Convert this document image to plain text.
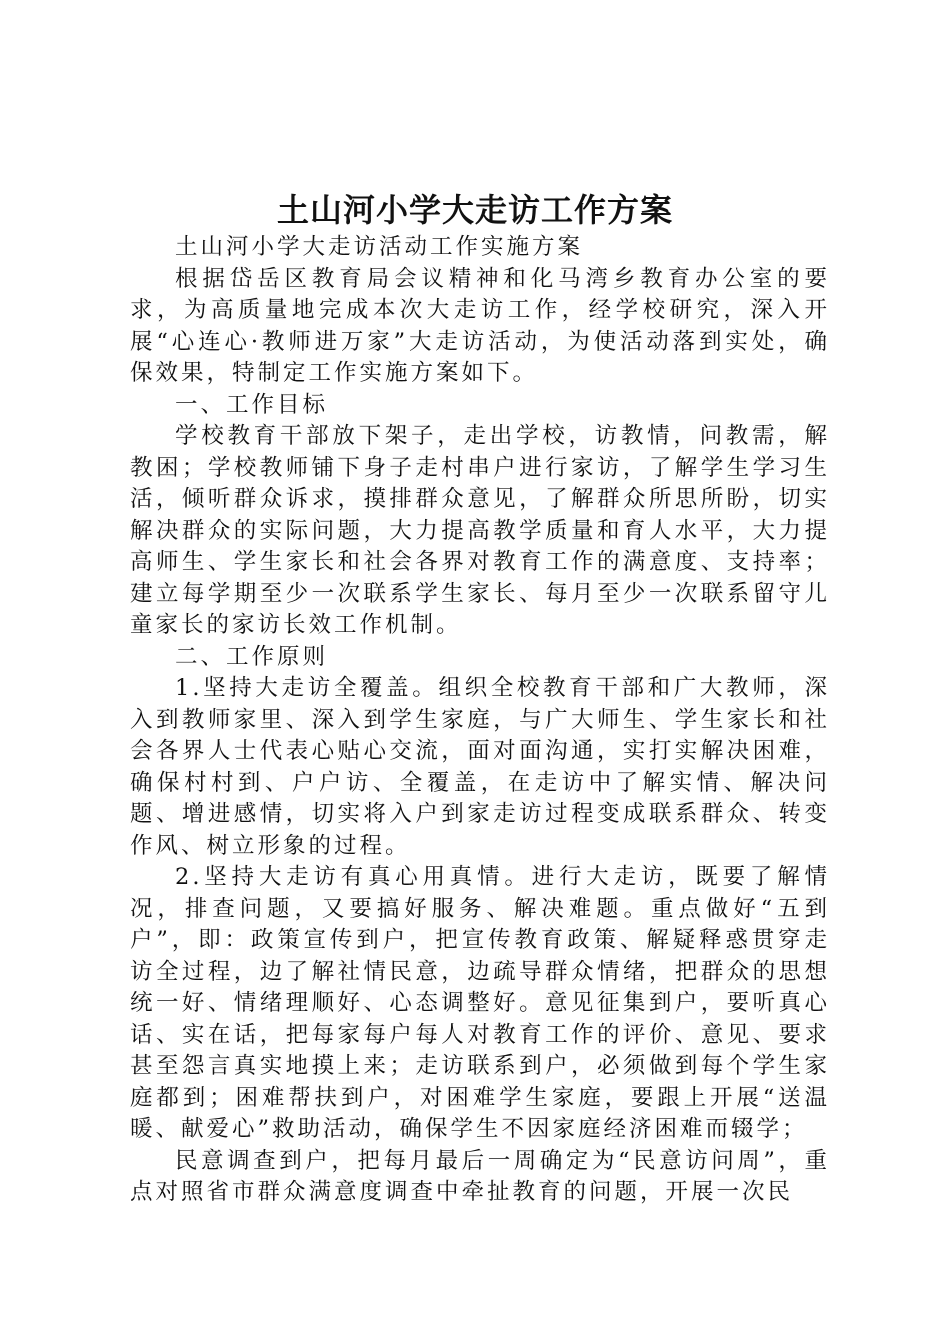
土山河小学大走访工作方案

土山河小学大走访活动工作实施方案

根据岱岳区教育局会议精神和化马湾乡教育办公室的要求，为高质量地完成本次大走访工作，经学校研究，深入开展“心连心·教师进万家”大走访活动，为使活动落到实处，确保效果，特制定工作实施方案如下。

一、工作目标

学校教育干部放下架子，走出学校，访教情，问教需，解教困；学校教师铺下身子走村串户进行家访，了解学生学习生活，倾听群众诉求，摸排群众意见，了解群众所思所盼，切实解决群众的实际问题，大力提高教学质量和育人水平，大力提高师生、学生家长和社会各界对教育工作的满意度、支持率；建立每学期至少一次联系学生家长、每月至少一次联系留守儿童家长的家访长效工作机制。

二、工作原则

1.坚持大走访全覆盖。组织全校教育干部和广大教师，深入到教师家里、深入到学生家庭，与广大师生、学生家长和社会各界人士代表心贴心交流，面对面沟通，实打实解决困难，确保村村到、户户访、全覆盖，在走访中了解实情、解决问题、增进感情，切实将入户到家走访过程变成联系群众、转变作风、树立形象的过程。

2.坚持大走访有真心用真情。进行大走访，既要了解情况，排查问题，又要搞好服务、解决难题。重点做好“五到户”，即：政策宣传到户，把宣传教育政策、解疑释惑贯穿走访全过程，边了解社情民意，边疏导群众情绪，把群众的思想统一好、情绪理顺好、心态调整好。意见征集到户，要听真心话、实在话，把每家每户每人对教育工作的评价、意见、要求甚至怨言真实地摸上来；走访联系到户，必须做到每个学生家庭都到；困难帮扶到户，对困难学生家庭，要跟上开展“送温暖、献爱心”救助活动，确保学生不因家庭经济困难而辍学；

民意调查到户，把每月最后一周确定为“民意访问周”，重点对照省市群众满意度调查中牵扯教育的问题，开展一次民
